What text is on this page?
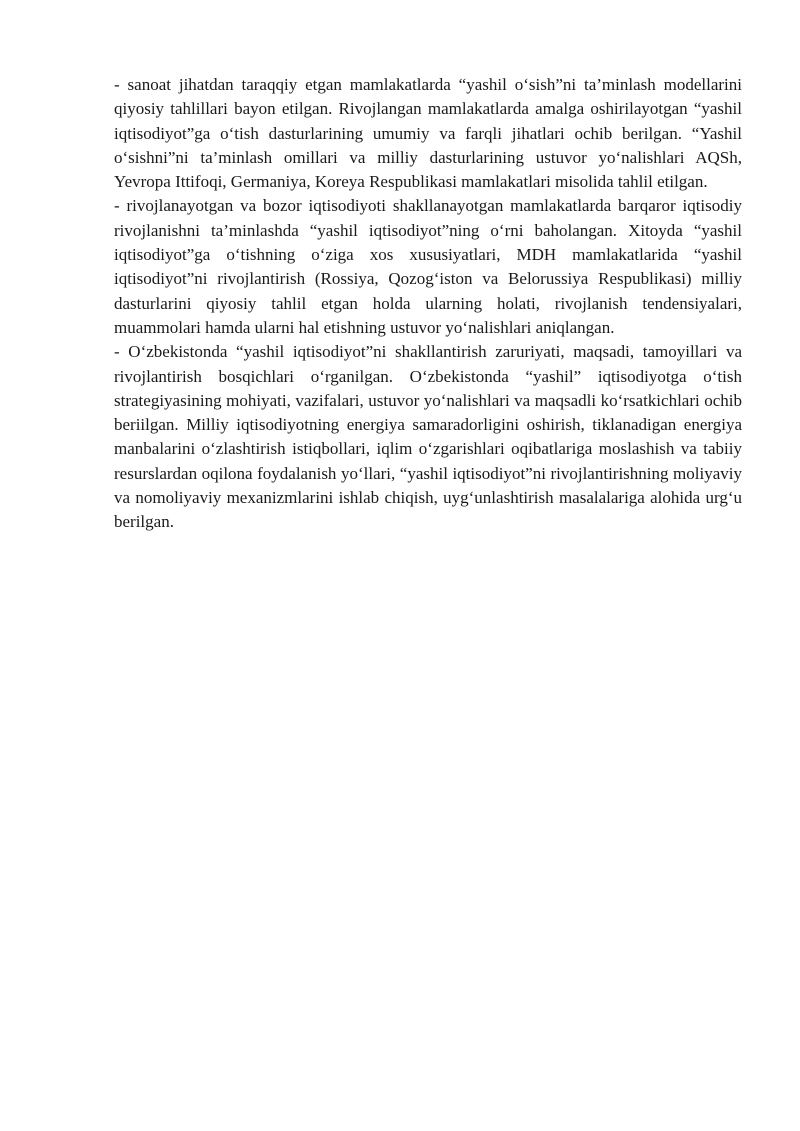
- sanoat jihatdan taraqqiy etgan mamlakatlarda “yashil o‘sish”ni ta’minlash modellarini qiyosiy tahlillari bayon etilgan. Rivojlangan mamlakatlarda amalga oshirilayotgan “yashil iqtisodiyot”ga o‘tish dasturlarining umumiy va farqli jihatlari ochib berilgan. “Yashil o‘sishni”ni ta’minlash omillari va milliy dasturlarining ustuvor yo‘nalishlari AQSh, Yevropa Ittifoqi, Germaniya, Koreya Respublikasi mamlakatlari misolida tahlil etilgan.

- rivojlanayotgan va bozor iqtisodiyoti shakllanayotgan mamlakatlarda barqaror iqtisodiy rivojlanishni ta’minlashda “yashil iqtisodiyot”ning o‘rni baholangan. Xitoyda “yashil iqtisodiyot”ga o‘tishning o‘ziga xos xususiyatlari, MDH mamlakatlarida “yashil iqtisodiyot”ni rivojlantirish (Rossiya, Qozog‘iston va Belorussiya Respublikasi) milliy dasturlarini qiyosiy tahlil etgan holda ularning holati, rivojlanish tendensiyalari, muammolari hamda ularni hal etishning ustuvor yo‘nalishlari aniqlangan.

- O‘zbekistonda “yashil iqtisodiyot”ni shakllantirish zaruriyati, maqsadi, tamoyillari va rivojlantirish bosqichlari o‘rganilgan. O‘zbekistonda “yashil” iqtisodiyotga o‘tish strategiyasining mohiyati, vazifalari, ustuvor yo‘nalishlari va maqsadli ko‘rsatkichlari ochib beriilgan. Milliy iqtisodiyotning energiya samaradorligini oshirish, tiklanadigan energiya manbalarini o‘zlashtirish istiqbollari, iqlim o‘zgarishlari oqibatlariga moslashish va tabiiy resurslardan oqilona foydalanish yo‘llari, “yashil iqtisodiyot”ni rivojlantirishning moliyaviy va nomoliyaviy mexanizmlarini ishlab chiqish, uyg‘unlashtirish masalalariga alohida urg‘u berilgan.
